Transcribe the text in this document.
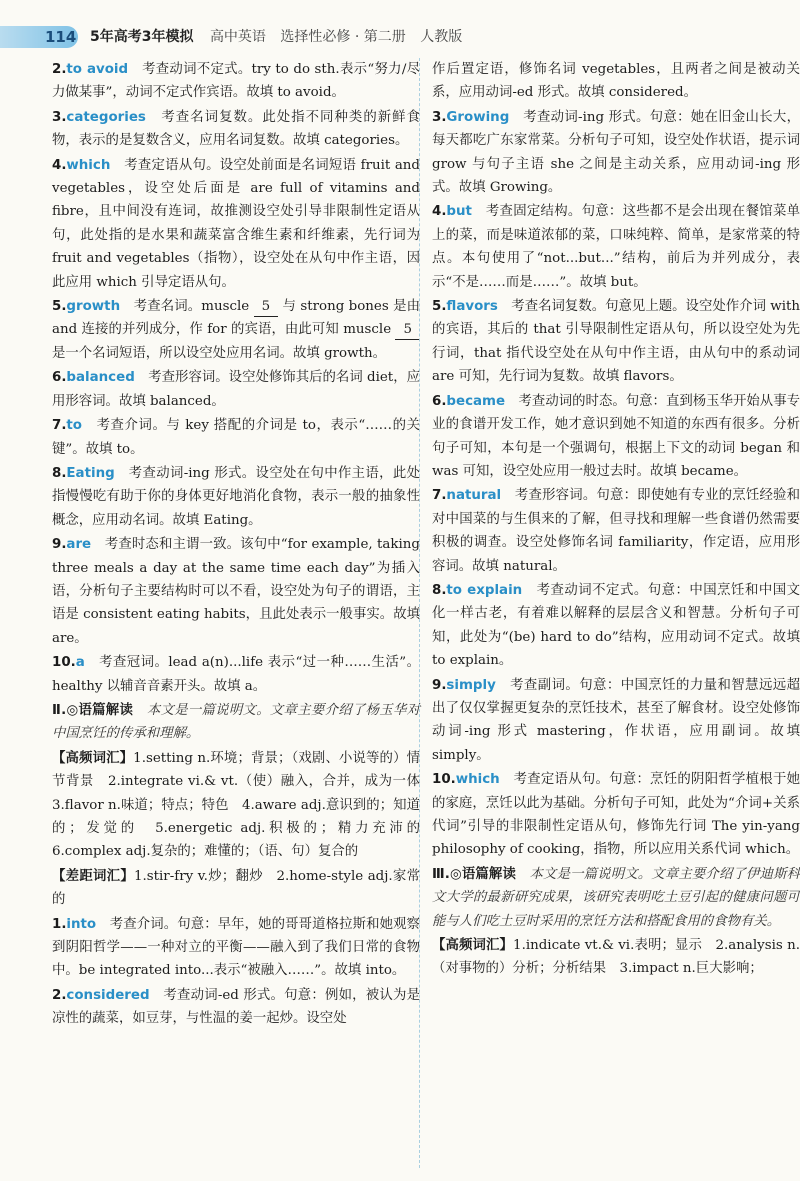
114 5年高考3年模拟 高中英语 选择性必修 · 第二册 人教版

2.to avoid　考查动词不定式。try to do sth.表示“努力/尽力做某事”，动词不定式作宾语。故填 to avoid。

3.categories　考查名词复数。此处指不同种类的新鲜食物，表示的是复数含义，应用名词复数。故填 categories。

4.which　考查定语从句。设空处前面是名词短语 fruit and vegetables，设空处后面是 are full of vitamins and fibre，且中间没有连词，故推测设空处引导非限制性定语从句，此处指的是水果和蔬菜富含维生素和纤维素，先行词为 fruit and vegetables（指物），设空处在从句中作主语，因此应用 which 引导定语从句。

5.growth　考查名词。muscle 5 与 strong bones 是由 and 连接的并列成分，作 for 的宾语，由此可知 muscle 5 是一个名词短语，所以设空处应用名词。故填 growth。

6.balanced　考查形容词。设空处修饰其后的名词 diet，应用形容词。故填 balanced。

7.to　考查介词。与 key 搭配的介词是 to，表示“……的关键”。故填 to。

8.Eating　考查动词-ing 形式。设空处在句中作主语，此处指慢慢吃有助于你的身体更好地消化食物，表示一般的抽象性概念，应用动名词。故填 Eating。

9.are　考查时态和主谓一致。该句中“for example, taking three meals a day at the same time each day”为插入语，分析句子主要结构时可以不看，设空处为句子的谓语，主语是 consistent eating habits，且此处表示一般事实。故填 are。

10.a　考查冠词。lead a(n)...life 表示“过一种……生活”。healthy 以辅音音素开头。故填 a。

Ⅱ.◎语篇解读　本文是一篇说明文。文章主要介绍了杨玉华对中国烹饪的传承和理解。

【高频词汇】1.setting n.环境；背景；（戏剧、小说等的）情节背景　2.integrate vi.& vt.（使）融入，合并，成为一体　3.flavor n.味道；特点；特色　4.aware adj.意识到的；知道的；发觉的　5.energetic adj.积极的；精力充沛的　6.complex adj.复杂的；难懂的；（语、句）复合的

【差距词汇】1.stir-fry v.炒；翻炒　2.home-style adj.家常的

1.into　考查介词。句意：早年，她的哥哥道格拉斯和她观察到阴阳哲学——一种对立的平衡——融入到了我们日常的食物中。be integrated into...表示“被融入……”。故填 into。

2.considered　考查动词-ed 形式。句意：例如，被认为是凉性的蔬菜，如豆芽，与性温的姜一起炒。设空处

作后置定语，修饰名词 vegetables，且两者之间是被动关系，应用动词-ed 形式。故填 considered。

3.Growing　考查动词-ing 形式。句意：她在旧金山长大，每天都吃广东家常菜。分析句子可知，设空处作状语，提示词 grow 与句子主语 she 之间是主动关系，应用动词-ing 形式。故填 Growing。

4.but　考查固定结构。句意：这些都不是会出现在餐馆菜单上的菜，而是味道浓郁的菜，口味纯粹、简单，是家常菜的特点。本句使用了“not...but...”结构，前后为并列成分，表示“不是……而是……”。故填 but。

5.flavors　考查名词复数。句意见上题。设空处作介词 with 的宾语，其后的 that 引导限制性定语从句，所以设空处为先行词，that 指代设空处在从句中作主语，由从句中的系动词 are 可知，先行词为复数。故填 flavors。

6.became　考查动词的时态。句意：直到杨玉华开始从事专业的食谱开发工作，她才意识到她不知道的东西有很多。分析句子可知，本句是一个强调句，根据上下文的动词 began 和 was 可知，设空处应用一般过去时。故填 became。

7.natural　考查形容词。句意：即使她有专业的烹饪经验和对中国菜的与生俱来的了解，但寻找和理解一些食谱仍然需要积极的调查。设空处修饰名词 familiarity，作定语，应用形容词。故填 natural。

8.to explain　考查动词不定式。句意：中国烹饪和中国文化一样古老，有着难以解释的层层含义和智慧。分析句子可知，此处为“(be) hard to do”结构，应用动词不定式。故填 to explain。

9.simply　考查副词。句意：中国烹饪的力量和智慧远远超出了仅仅掌握更复杂的烹饪技术，甚至了解食材。设空处修饰动词-ing 形式 mastering，作状语，应用副词。故填 simply。

10.which　考查定语从句。句意：烹饪的阴阳哲学植根于她的家庭，烹饪以此为基础。分析句子可知，此处为“介词+关系代词”引导的非限制性定语从句，修饰先行词 The yin-yang philosophy of cooking，指物，所以应用关系代词 which。

Ⅲ.◎语篇解读　本文是一篇说明文。文章主要介绍了伊迪斯科文大学的最新研究成果，该研究表明吃土豆引起的健康问题可能与人们吃土豆时采用的烹饪方法和搭配食用的食物有关。

【高频词汇】1.indicate vt.& vi.表明；显示　2.analysis n.（对事物的）分析；分析结果　3.impact n.巨大影响；
